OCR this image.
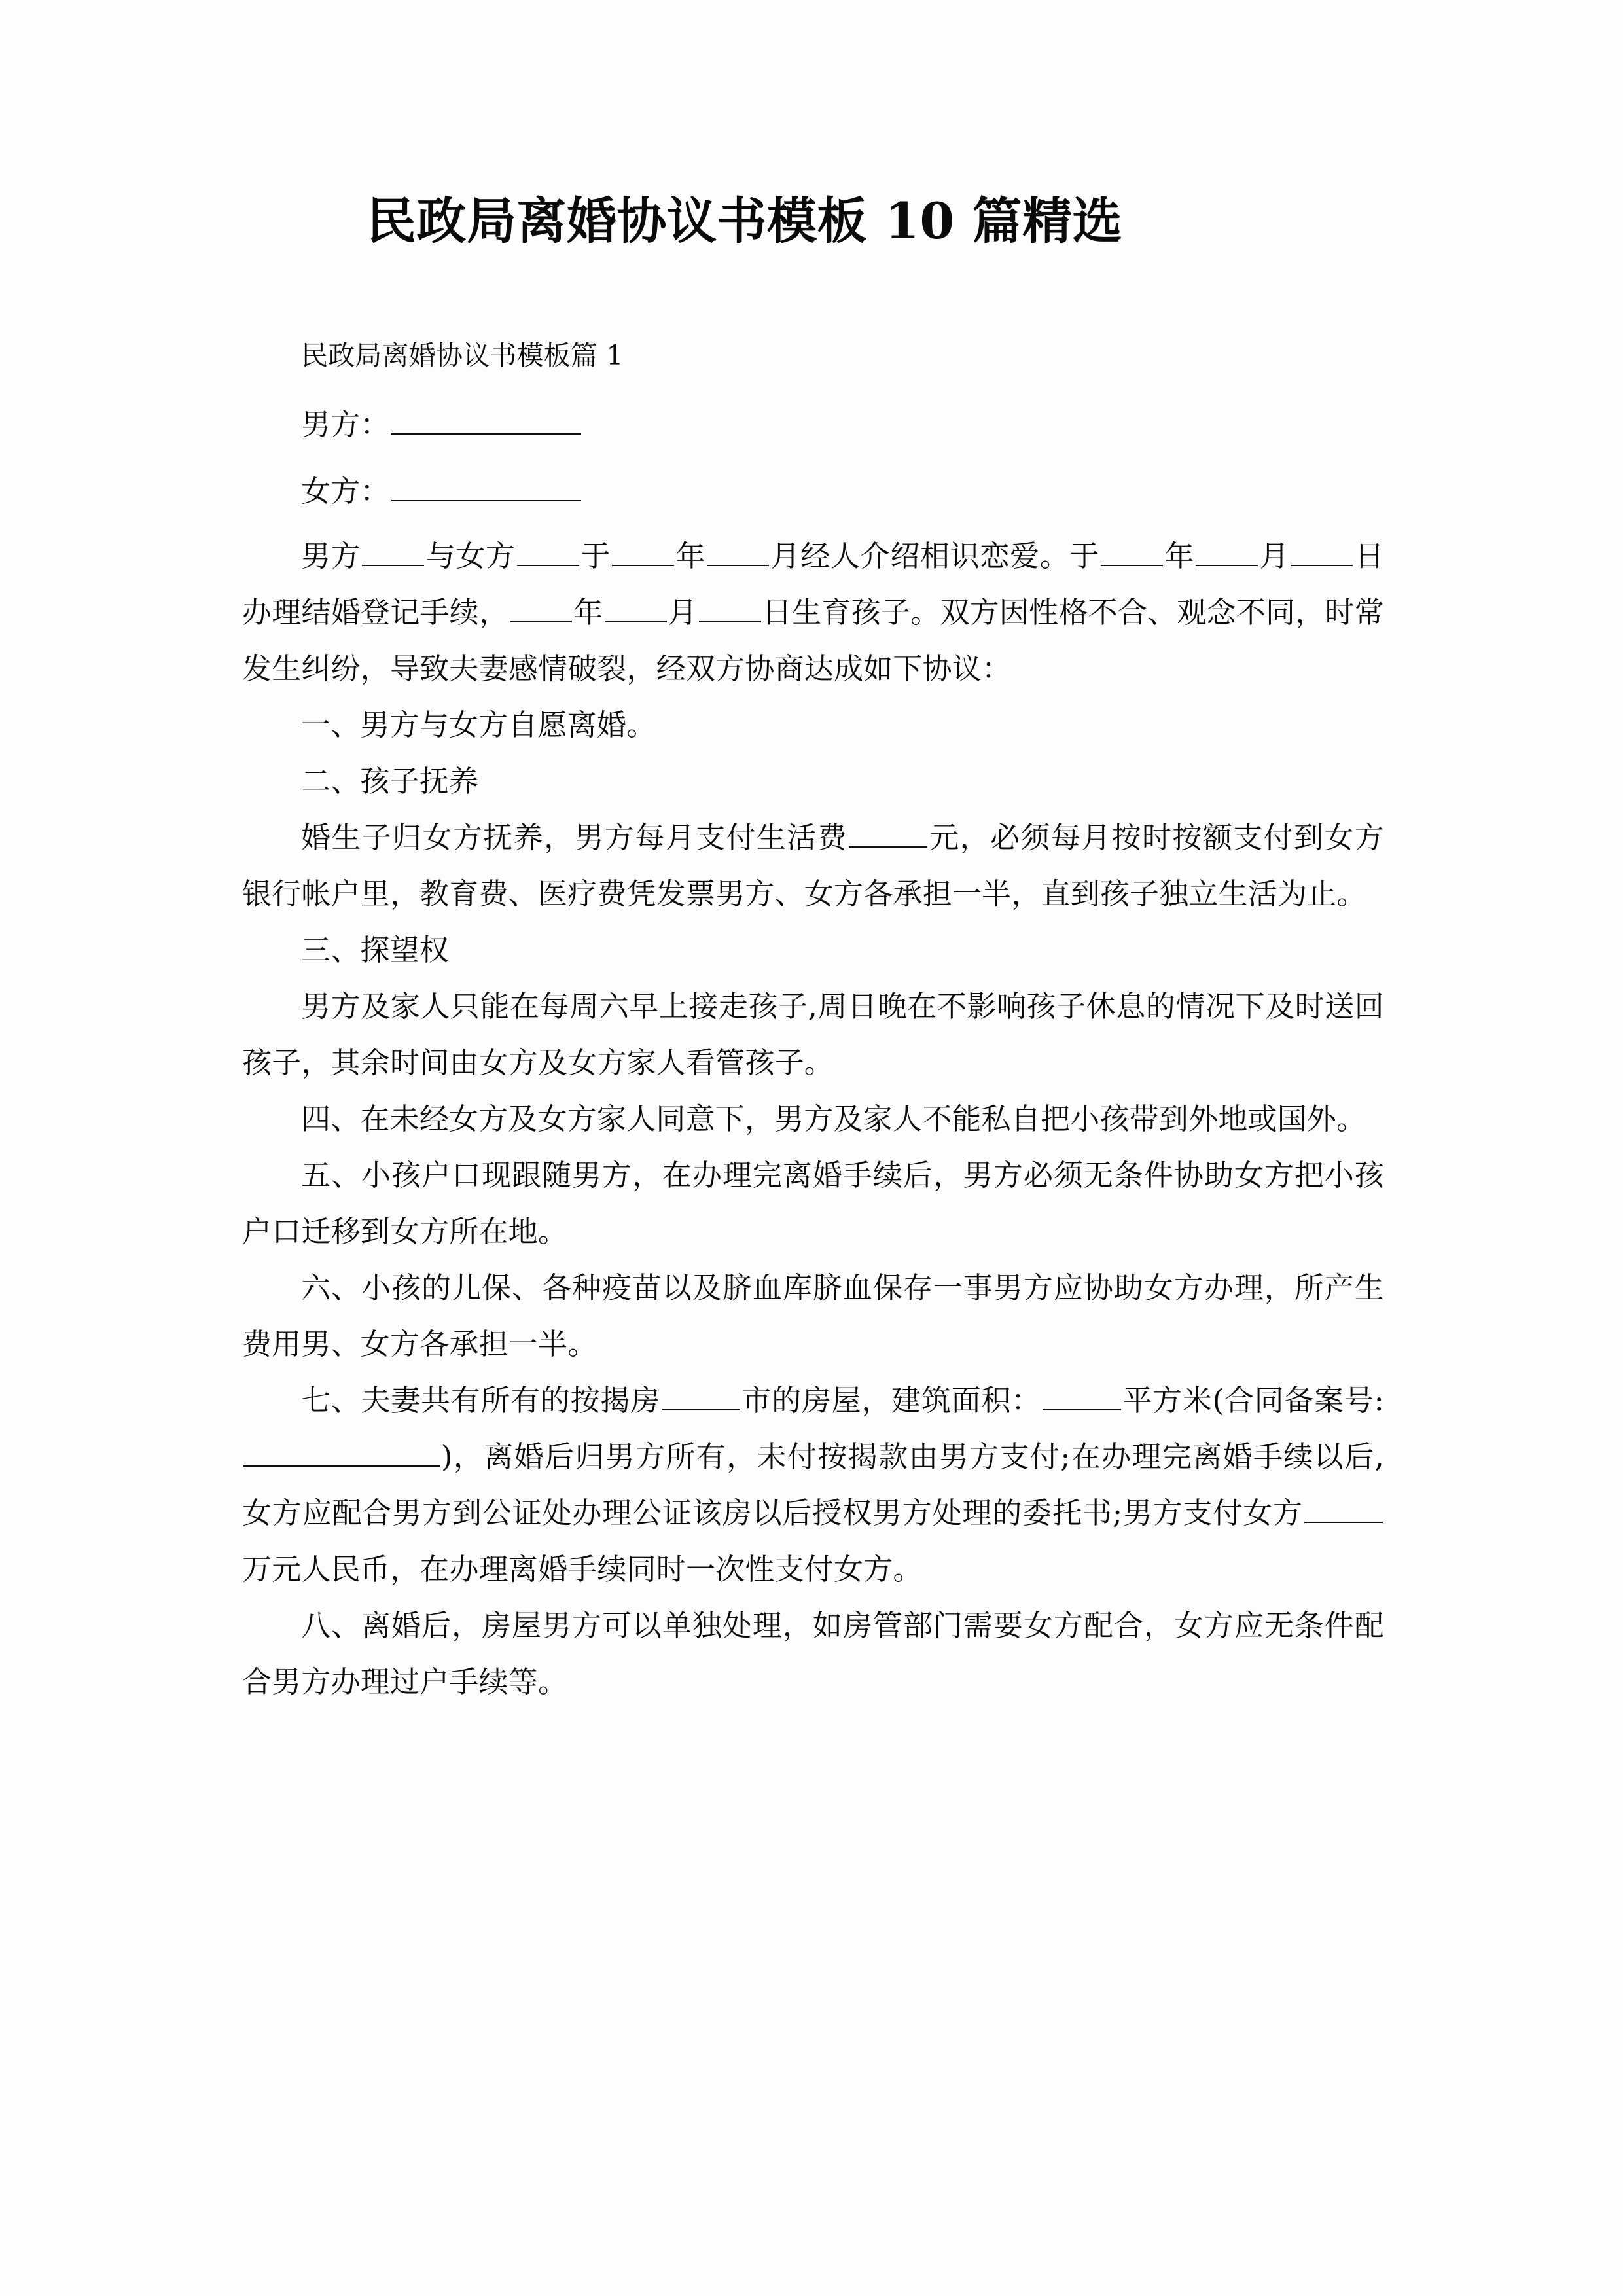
民政局离婚协议书模板 10 篇精选

民政局离婚协议书模板篇 1

男方：

女方：

男方 与女方 于 年 月经人介绍相识恋爱。于 年 月 日办理结婚登记手续， 年 月 日生育孩子。双方因性格不合、观念不同，时常发生纠纷，导致夫妻感情破裂，经双方协商达成如下协议：

一、男方与女方自愿离婚。

二、孩子抚养

婚生子归女方抚养，男方每月支付生活费	元，必须每月按时按额支付到女方银行帐户里，教育费、医疗费凭发票男方、女方各承担一半，直到孩子独立生活为止。

三、探望权

男方及家人只能在每周六早上接走孩子,周日晚在不影响孩子休息的情况下及时送回孩子，其余时间由女方及女方家人看管孩子。

四、在未经女方及女方家人同意下，男方及家人不能私自把小孩带到外地或国外。

五、小孩户口现跟随男方，在办理完离婚手续后，男方必须无条件协助女方把小孩户口迁移到女方所在地。

六、小孩的儿保、各种疫苗以及脐血库脐血保存一事男方应协助女方办理，所产生费用男、女方各承担一半。

七、夫妻共有所有的按揭房	市的房屋，建筑面积：	平方米(合同备案号:)，离婚后归男方所有，未付按揭款由男方支付;在办理完离婚手续以后,女方应配合男方到公证处办理公证该房以后授权男方处理的委托书;男方支付女方万元人民币，在办理离婚手续同时一次性支付女方。

八、离婚后，房屋男方可以单独处理，如房管部门需要女方配合，女方应无条件配合男方办理过户手续等。
